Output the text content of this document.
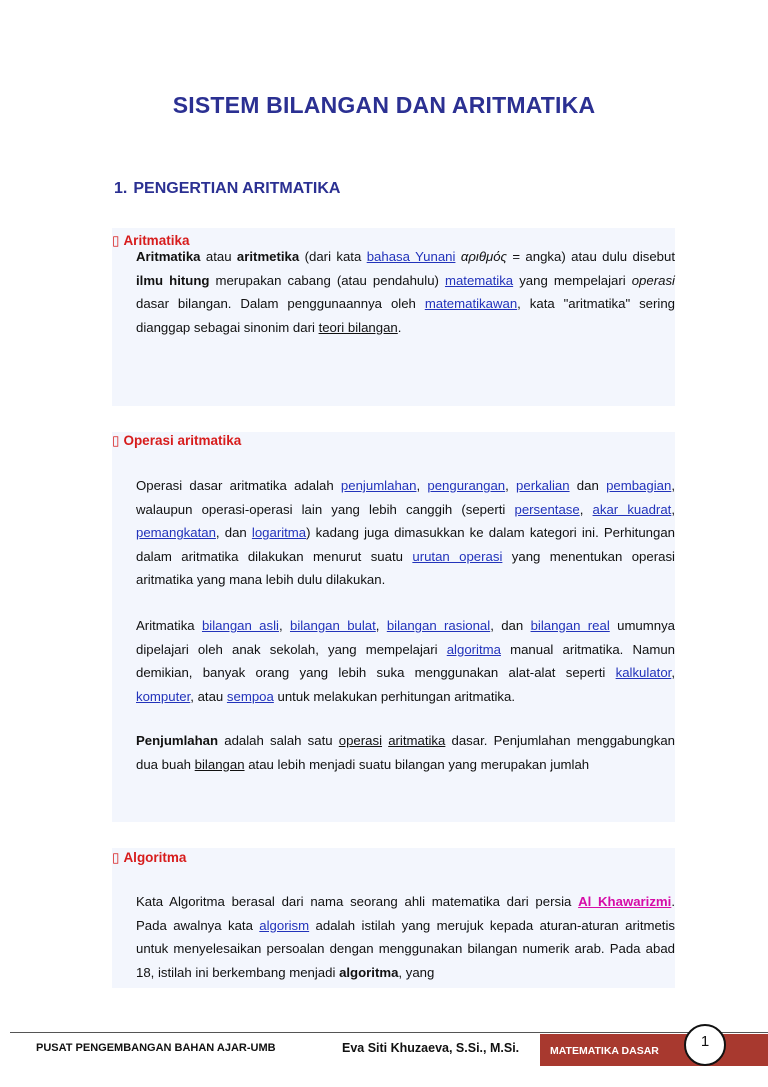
SISTEM BILANGAN DAN ARITMATIKA
1. PENGERTIAN ARITMATIKA
▯ Aritmatika

Aritmatika atau aritmetika (dari kata bahasa Yunani αριθμός = angka) atau dulu disebut ilmu hitung merupakan cabang (atau pendahulu) matematika yang mempelajari operasi dasar bilangan. Dalam penggunaannya oleh matematikawan, kata "aritmatika" sering dianggap sebagai sinonim dari teori bilangan.

▯ Operasi aritmatika

Operasi dasar aritmatika adalah penjumlahan, pengurangan, perkalian dan pembagian, walaupun operasi-operasi lain yang lebih canggih (seperti persentase, akar kuadrat, pemangkatan, dan logaritma) kadang juga dimasukkan ke dalam kategori ini. Perhitungan dalam aritmatika dilakukan menurut suatu urutan operasi yang menentukan operasi aritmatika yang mana lebih dulu dilakukan.

Aritmatika bilangan asli, bilangan bulat, bilangan rasional, dan bilangan real umumnya dipelajari oleh anak sekolah, yang mempelajari algoritma manual aritmatika. Namun demikian, banyak orang yang lebih suka menggunakan alat-alat seperti kalkulator, komputer, atau sempoa untuk melakukan perhitungan aritmatika.

Penjumlahan adalah salah satu operasi aritmatika dasar. Penjumlahan menggabungkan dua buah bilangan atau lebih menjadi suatu bilangan yang merupakan jumlah

▯ Algoritma

Kata Algoritma berasal dari nama seorang ahli matematika dari persia Al Khawarizmi. Pada awalnya kata algorism adalah istilah yang merujuk kepada aturan-aturan aritmetis untuk menyelesaikan persoalan dengan menggunakan bilangan numerik arab. Pada abad 18, istilah ini berkembang menjadi algoritma, yang

PUSAT PENGEMBANGAN BAHAN AJAR-UMB	Eva Siti Khuzaeva, S.Si., M.Si.	MATEMATIKA DASAR
1
